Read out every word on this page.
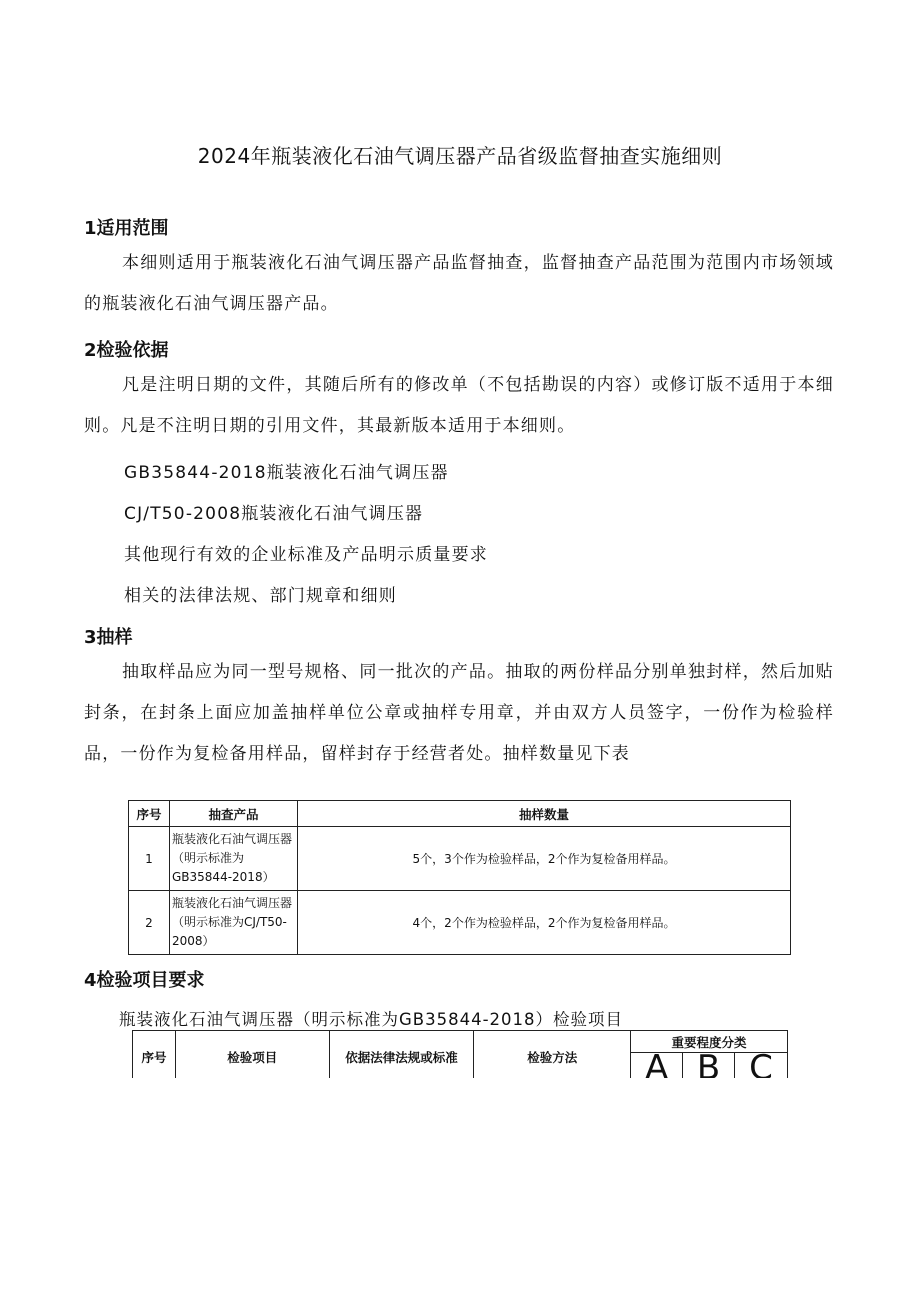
2024年瓶装液化石油气调压器产品省级监督抽查实施细则
1适用范围

本细则适用于瓶装液化石油气调压器产品监督抽查，监督抽查产品范围为范围内市场领域的瓶装液化石油气调压器产品。

2检验依据

凡是注明日期的文件，其随后所有的修改单（不包括勘误的内容）或修订版不适用于本细则。凡是不注明日期的引用文件，其最新版本适用于本细则。

GB35844-2018瓶装液化石油气调压器
CJ/T50-2008瓶装液化石油气调压器
其他现行有效的企业标准及产品明示质量要求
相关的法律法规、部门规章和细则
3抽样

抽取样品应为同一型号规格、同一批次的产品。抽取的两份样品分别单独封样，然后加贴封条，在封条上面应加盖抽样单位公章或抽样专用章，并由双方人员签字，一份作为检验样品，一份作为复检备用样品，留样封存于经营者处。抽样数量见下表

序号	抽查产品	抽样数量
1	瓶装液化石油气调压器（明示标准为GB35844-2018）	5个，3个作为检验样品，2个作为复检备用样品。
2	瓶装液化石油气调压器（明示标准为CJ/T50-2008）	4个，2个作为检验样品，2个作为复检备用样品。
4检验项目要求
瓶装液化石油气调压器（明示标准为GB35844-2018）检验项目
序号	检验项目	依据法律法规或标准	检验方法	重要程度分类		
				A	B	C
